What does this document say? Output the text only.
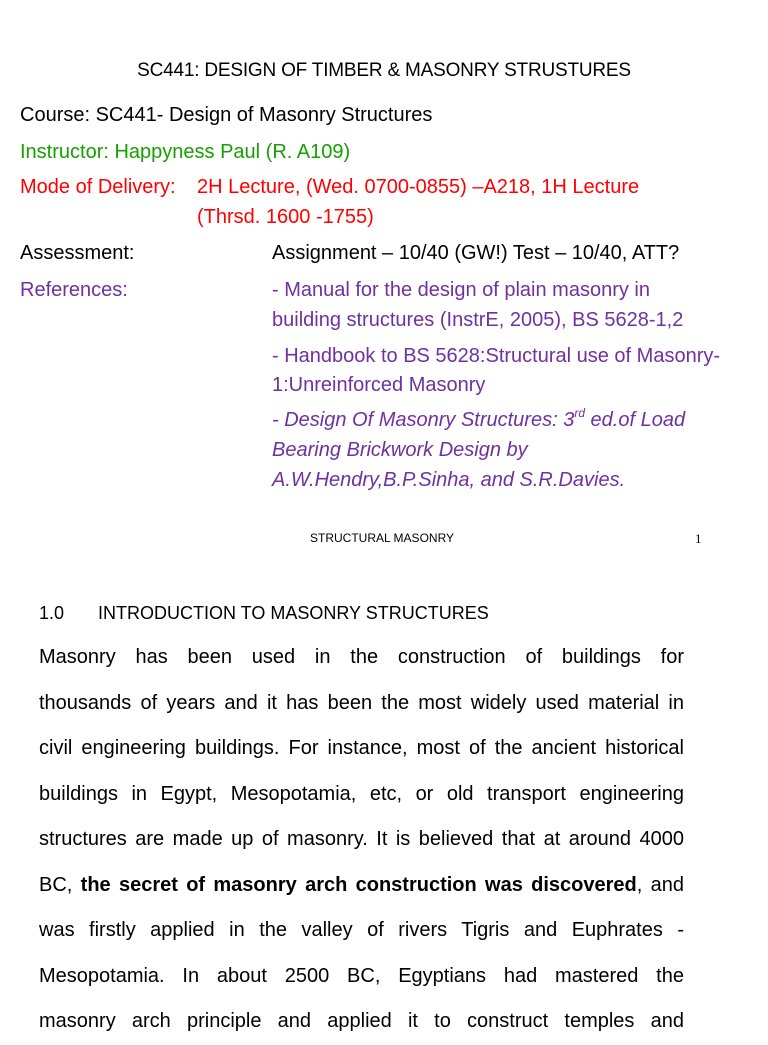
SC441: DESIGN OF TIMBER & MASONRY STRUSTURES
Course: SC441- Design of Masonry Structures
Instructor: Happyness Paul (R. A109)
Mode of Delivery: 2H Lecture, (Wed. 0700-0855) –A218, 1H Lecture
(Thrsd. 1600 -1755)
Assessment:	Assignment – 10/40 (GW!) Test – 10/40, ATT?
References:	- Manual for the design of plain masonry in
building structures (InstrE, 2005), BS 5628-1,2
- Handbook to BS 5628:Structural use of Masonry-
1:Unreinforced Masonry
- Design Of Masonry Structures: 3rd ed.of Load
Bearing Brickwork Design by
A.W.Hendry,B.P.Sinha, and S.R.Davies.
STRUCTURAL MASONRY	1
1.0 INTRODUCTION TO MASONRY STRUCTURES
Masonry has been used in the construction of buildings for
thousands of years and it has been the most widely used material in
civil engineering buildings. For instance, most of the ancient historical
buildings in Egypt, Mesopotamia, etc, or old transport engineering
structures are made up of masonry. It is believed that at around 4000
BC, the secret of masonry arch construction was discovered, and
was firstly applied in the valley of rivers Tigris and Euphrates -
Mesopotamia. In about 2500 BC, Egyptians had mastered the
masonry arch principle and applied it to construct temples and
